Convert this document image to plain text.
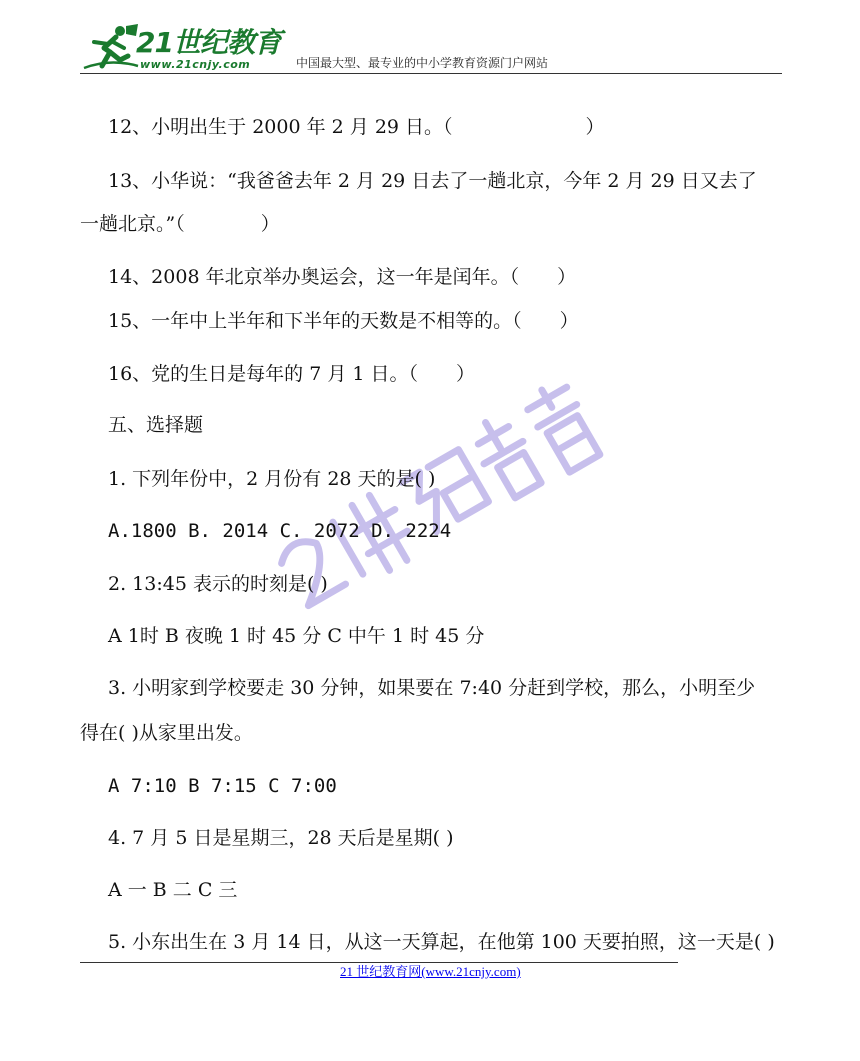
21世纪教育
www.21cnjy.com	中国最大型、最专业的中小学教育资源门户网站
12、小明出生于 2000 年 2 月 29 日。（　　　　　　　）
13、小华说：“我爸爸去年 2 月 29 日去了一趟北京，今年 2 月 29 日又去了
一趟北京。”（　　　　）
14、2008 年北京举办奥运会，这一年是闰年。（　　）
15、一年中上半年和下半年的天数是不相等的。（　　）
16、党的生日是每年的 7 月 1 日。（　　）
五、选择题
1. 下列年份中，2 月份有 28 天的是( )
A.1800 B. 2014 C. 2072 D. 2224
2. 13:45 表示的时刻是( )
A 1时 B 夜晚 1 时 45 分 C 中午 1 时 45 分
3. 小明家到学校要走 30 分钟，如果要在 7:40 分赶到学校，那么，小明至少
得在( )从家里出发。
A 7:10 B 7:15 C 7:00
4. 7 月 5 日是星期三，28 天后是星期( )
A 一 B 二 C 三
5. 小东出生在 3 月 14 日，从这一天算起，在他第 100 天要拍照，这一天是( )
21 世纪教育网(www.21cnjy.com)
